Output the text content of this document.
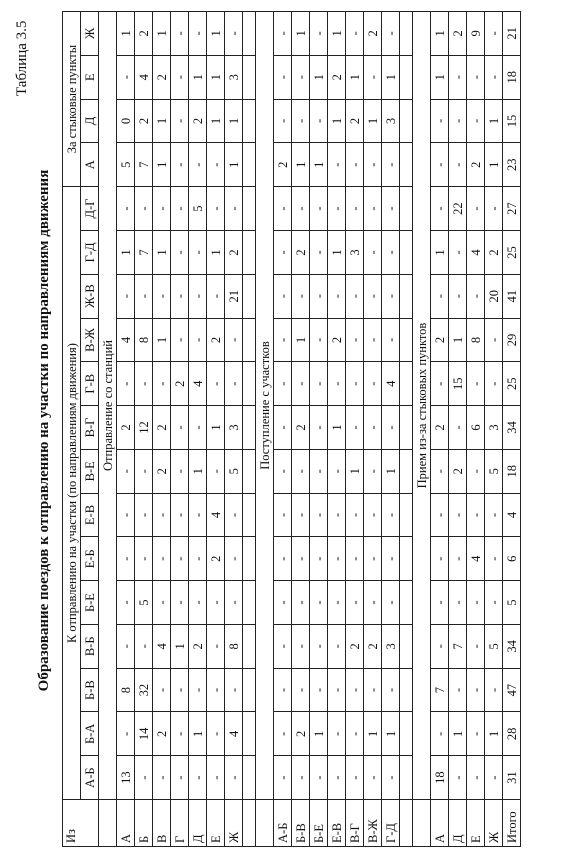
Таблица 3.5
Образование поездов к отправлению на участки по направлениям движения
Из	К отправлению на участки (по направлениям движения)														За стыковые пункты			
	А-Б	Б-А	Б-В	В-Б	Б-Е	Е-Б	Е-В	В-Е	В-Г	Г-В	В-Ж	Ж-В	Г-Д	Д-Г	А	Д	Е	Ж
	Отправление со станций																	
А	13	-	8	-	-	-	-	-	2	-	4	-	1	-	5	0	-	1
Б	-	14	32	-	5	-	-	-	12	-	8	-	7	-	7	2	4	2
В	-	2	-	4	-	-	-	2	2	-	1	-	1	-	1	1	2	1
Г	-	-	-	1	-	-	-	-	-	2	-	-	-	-	-	-	-	-
Д	-	1	-	2	-	-	-	1	-	4	-	-	-	5	-	2	1	-
Е	-	-	-	-	-	2	4	-	1	-	2	-	1	-	-	1	1	1
Ж	-	4	-	8	-	-	-	5	3	-	-	21	2	-	1	1	3	-

	Поступление с участков																	
А-Б	-	-	-	-	-	-	-	-	-	-	-	-	-	-	2	-	-	-
Б-В	-	2	-	-	-	-	-	-	2	-	1	-	2	-	1	-	-	1
Б-Е	-	1	-	-	-	-	-	-	-	-	-	-	-	-	1	-	1	-
Е-В	-	-	-	-	-	-	-	-	1	-	2	-	1	-	-	1	2	1
В-Г	-	-	-	2	-	-	-	1	-	-	-	-	3	-	-	2	1	-
В-Ж	-	1	-	2	-	-	-	-	-	-	-	-	-	-	-	1	-	2
Г-Д	-	1	-	3	-	-	-	1	-	4	-	-	-	-	-	3	1	-

	Прием из-за стыковых пунктов																	
А	18	-	7	-	-	-	-	-	2	-	2	-	1	-	-	-	1	1
Д	-	1	-	7	-	-	-	2	-	15	1	-	-	22	-	-	-	2
Е	-	-	-	-	-	4	-	-	6	-	8	-	4	-	2	-	-	9
Ж	-	1	-	5	-	-	-	5	3	-	-	20	2	-	1	1	-	-
Итого	31	28	47	34	5	6	4	18	34	25	29	41	25	27	23	15	18	21
